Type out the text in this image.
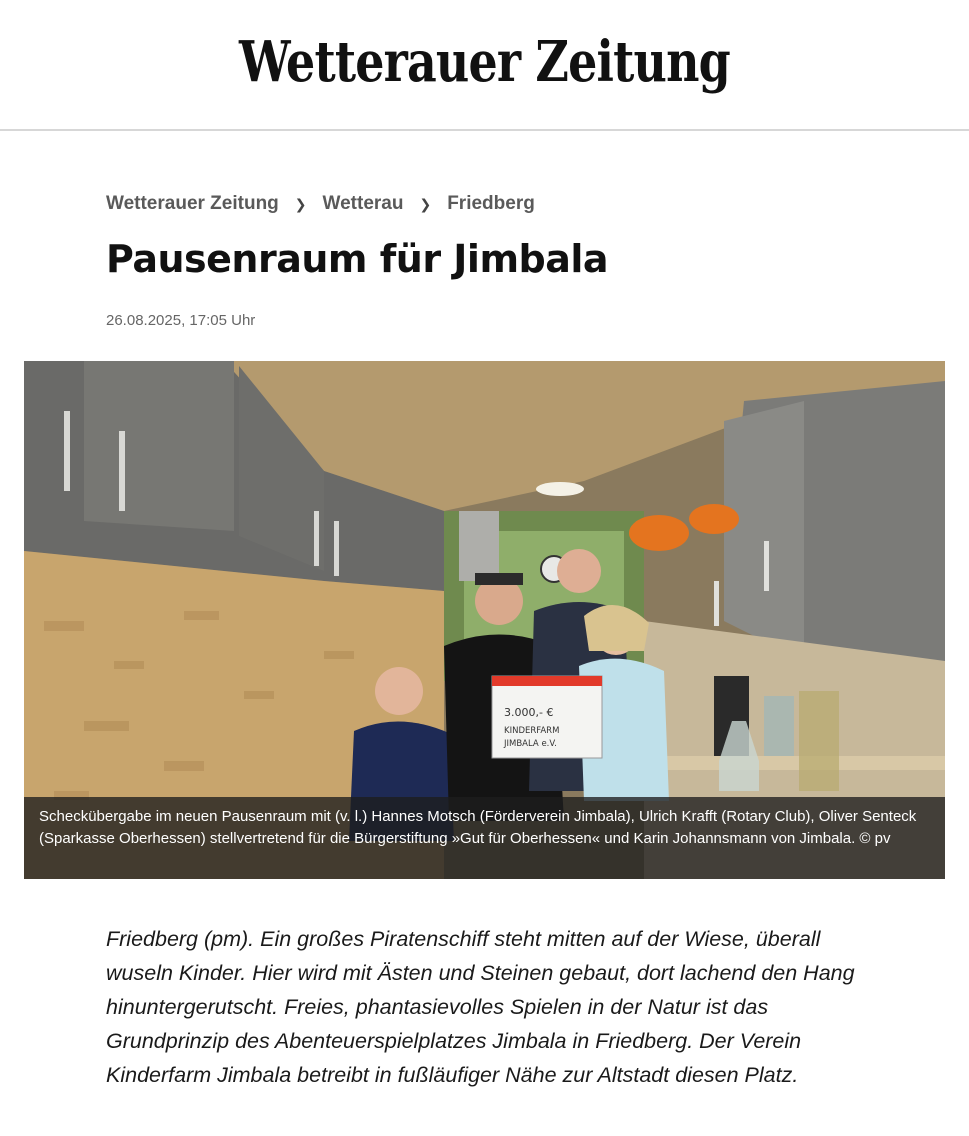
Wetterauer Zeitung
Wetterauer Zeitung ❯ Wetterau ❯ Friedberg
Pausenraum für Jimbala
26.08.2025, 17:05 Uhr
3.000,- €
KINDERFARM
JIMBALA e.V.
Scheckübergabe im neuen Pausenraum mit (v. l.) Hannes Motsch (Förderverein Jimbala), Ulrich Krafft (Rotary Club), Oliver Senteck (Sparkasse Oberhessen) stellvertretend für die Bürgerstiftung »Gut für Oberhessen« und Karin Johannsmann von Jimbala. © pv

Friedberg (pm). Ein großes Piratenschiff steht mitten auf der Wiese, überall wuseln Kinder. Hier wird mit Ästen und Steinen gebaut, dort lachend den Hang hinuntergerutscht. Freies, phantasievolles Spielen in der Natur ist das Grundprinzip des Abenteuerspielplatzes Jimbala in Friedberg. Der Verein Kinderfarm Jimbala betreibt in fußläufiger Nähe zur Altstadt diesen Platz.
